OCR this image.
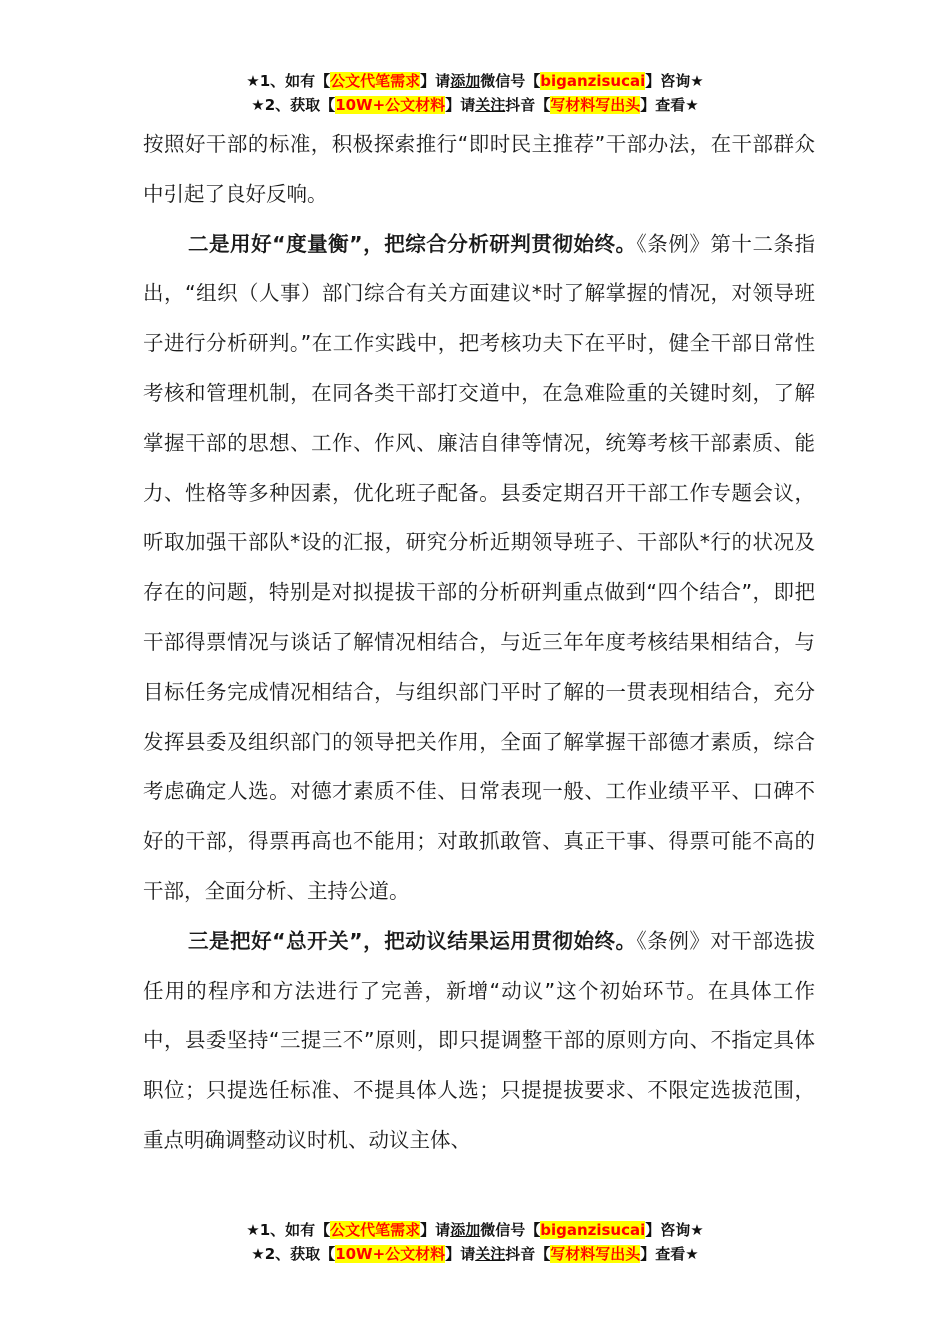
★1、如有【公文代笔需求】请添加微信号【biganzisucai】咨询★
★2、获取【10W+公文材料】请关注抖音【写材料写出头】查看★

按照好干部的标准，积极探索推行“即时民主推荐”干部办法，在干部群众中引起了良好反响。

二是用好“度量衡”，把综合分析研判贯彻始终。《条例》第十二条指出，“组织（人事）部门综合有关方面建议*时了解掌握的情况，对领导班子进行分析研判。”在工作实践中，把考核功夫下在平时，健全干部日常性考核和管理机制，在同各类干部打交道中，在急难险重的关键时刻，了解掌握干部的思想、工作、作风、廉洁自律等情况，统筹考核干部素质、能力、性格等多种因素，优化班子配备。县委定期召开干部工作专题会议，听取加强干部队*设的汇报，研究分析近期领导班子、干部队*行的状况及存在的问题，特别是对拟提拔干部的分析研判重点做到“四个结合”，即把干部得票情况与谈话了解情况相结合，与近三年年度考核结果相结合，与目标任务完成情况相结合，与组织部门平时了解的一贯表现相结合，充分发挥县委及组织部门的领导把关作用，全面了解掌握干部德才素质，综合考虑确定人选。对德才素质不佳、日常表现一般、工作业绩平平、口碑不好的干部，得票再高也不能用；对敢抓敢管、真正干事、得票可能不高的干部，全面分析、主持公道。

三是把好“总开关”，把动议结果运用贯彻始终。《条例》对干部选拔任用的程序和方法进行了完善，新增“动议”这个初始环节。在具体工作中，县委坚持“三提三不”原则，即只提调整干部的原则方向、不指定具体职位；只提选任标准、不提具体人选；只提提拔要求、不限定选拔范围，重点明确调整动议时机、动议主体、

★1、如有【公文代笔需求】请添加微信号【biganzisucai】咨询★
★2、获取【10W+公文材料】请关注抖音【写材料写出头】查看★
